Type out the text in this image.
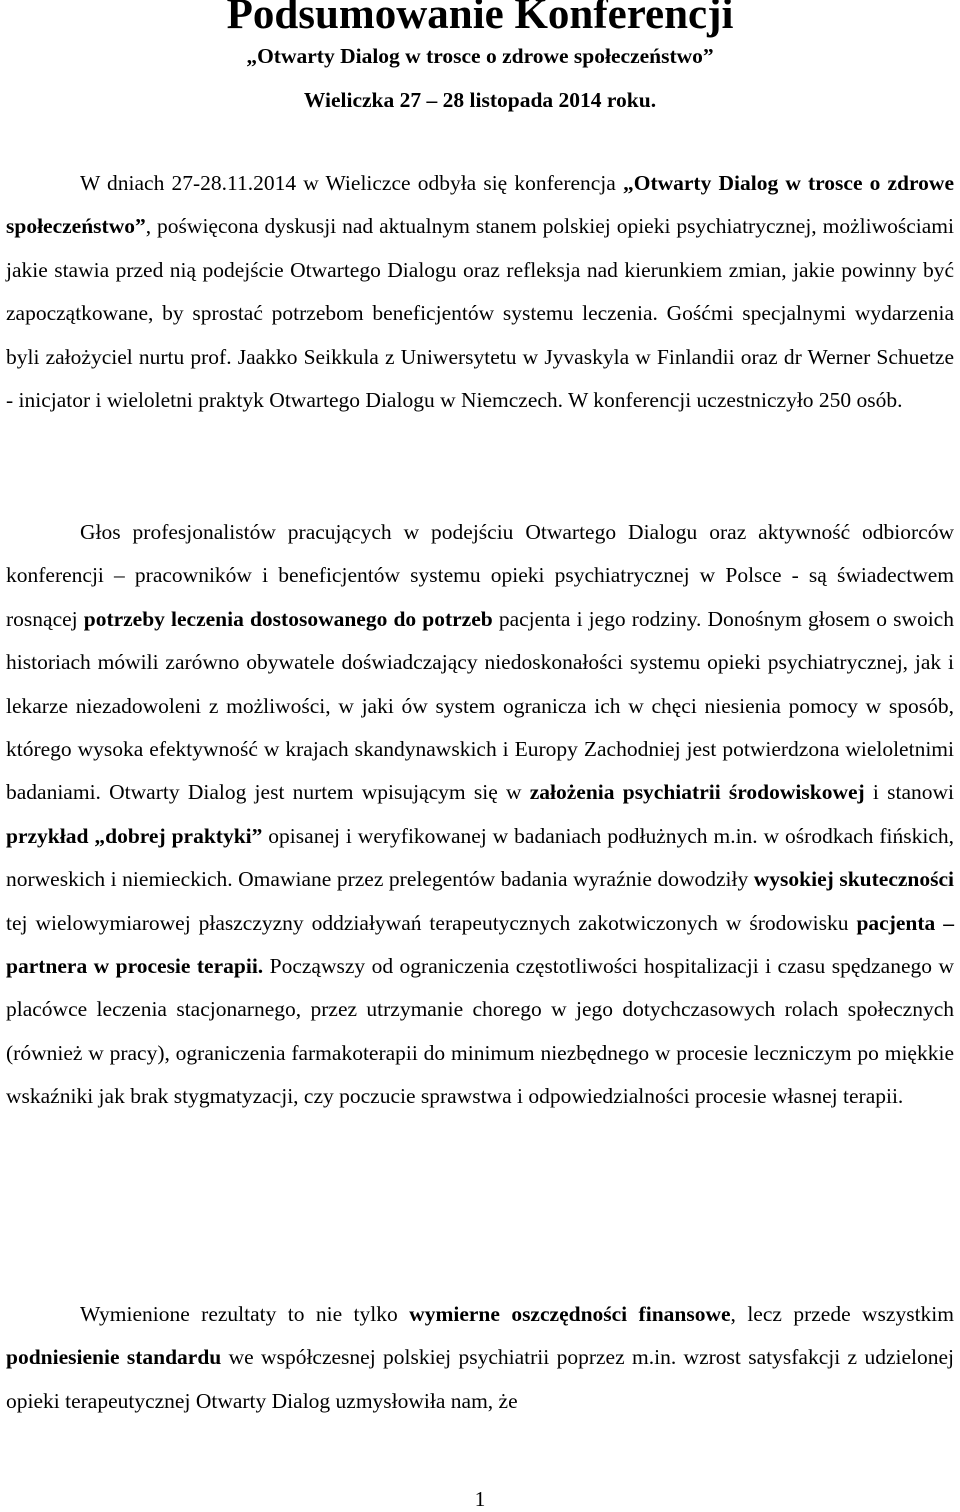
Podsumowanie Konferencji

„Otwarty Dialog w trosce o zdrowe społeczeństwo”

Wieliczka 27 – 28 listopada 2014 roku.

W dniach 27-28.11.2014 w Wieliczce odbyła się konferencja „Otwarty Dialog w trosce o zdrowe społeczeństwo”, poświęcona dyskusji nad aktualnym stanem polskiej opieki psychiatrycznej, możliwościami jakie stawia przed nią podejście Otwartego Dialogu oraz refleksja nad kierunkiem zmian, jakie powinny być zapoczątkowane, by sprostać potrzebom beneficjentów systemu leczenia. Gośćmi specjalnymi wydarzenia byli założyciel nurtu prof. Jaakko Seikkula z Uniwersytetu w Jyvaskyla w Finlandii oraz dr Werner Schuetze - inicjator i wieloletni praktyk Otwartego Dialogu w Niemczech. W konferencji uczestniczyło 250 osób.

Głos profesjonalistów pracujących w podejściu Otwartego Dialogu oraz aktywność odbiorców konferencji – pracowników i beneficjentów systemu opieki psychiatrycznej w Polsce - są świadectwem rosnącej potrzeby leczenia dostosowanego do potrzeb pacjenta i jego rodziny. Donośnym głosem o swoich historiach mówili zarówno obywatele doświadczający niedoskonałości systemu opieki psychiatrycznej, jak i lekarze niezadowoleni z możliwości, w jaki ów system ogranicza ich w chęci niesienia pomocy w sposób, którego wysoka efektywność w krajach skandynawskich i Europy Zachodniej jest potwierdzona wieloletnimi badaniami. Otwarty Dialog jest nurtem wpisującym się w założenia psychiatrii środowiskowej i stanowi przykład „dobrej praktyki” opisanej i weryfikowanej w badaniach podłużnych m.in. w ośrodkach fińskich, norweskich i niemieckich. Omawiane przez prelegentów badania wyraźnie dowodziły wysokiej skuteczności tej wielowymiarowej płaszczyzny oddziaływań terapeutycznych zakotwiczonych w środowisku pacjenta – partnera w procesie terapii. Począwszy od ograniczenia częstotliwości hospitalizacji i czasu spędzanego w placówce leczenia stacjonarnego, przez utrzymanie chorego w jego dotychczasowych rolach społecznych (również w pracy), ograniczenia farmakoterapii do minimum niezbędnego w procesie leczniczym po miękkie wskaźniki jak brak stygmatyzacji, czy poczucie sprawstwa i odpowiedzialności procesie własnej terapii.

Wymienione rezultaty to nie tylko wymierne oszczędności finansowe, lecz przede wszystkim podniesienie standardu we współczesnej polskiej psychiatrii poprzez m.in. wzrost satysfakcji z udzielonej opieki terapeutycznej Otwarty Dialog uzmysłowiła nam, że

1
